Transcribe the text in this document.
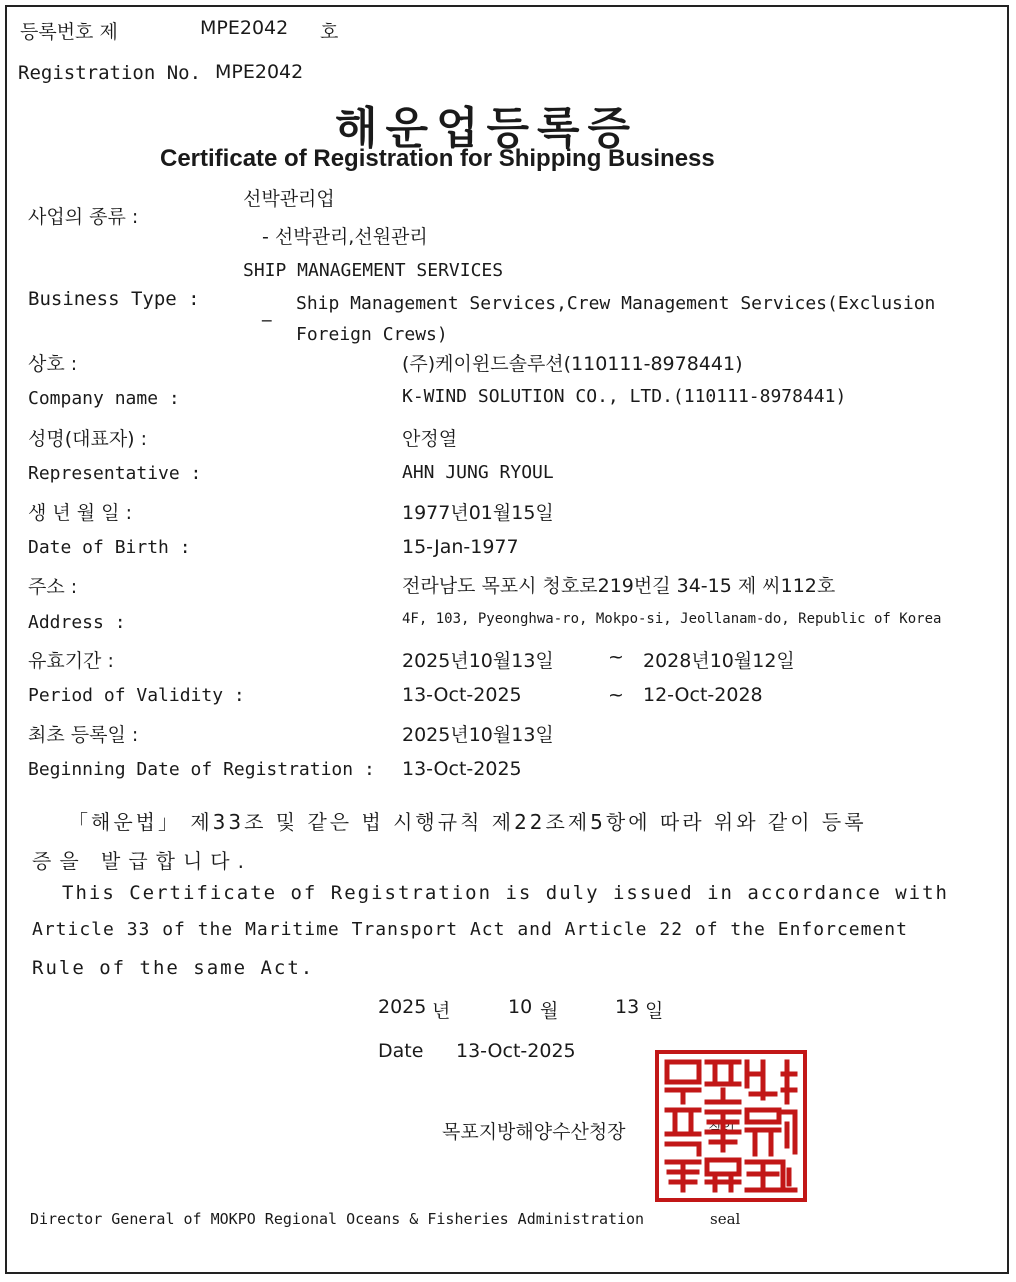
등록번호 제	MPE2042 호
Registration No. MPE2042
해운업등록증
Certificate of Registration for Shipping Business
사업의 종류 :
선박관리업
- 선박관리,선원관리
Business Type :
SHIP MANAGEMENT SERVICES
_ Ship Management Services,Crew Management Services(Exclusion
Foreign Crews)
상호 :	(주)케이윈드솔루션(110111-8978441)
Company name :	K-WIND SOLUTION CO., LTD.(110111-8978441)
성명(대표자) :	안정열
Representative :	AHN JUNG RYOUL
생 년 월 일 :	1977년01월15일
Date of Birth :	15-Jan-1977
주소 :	전라남도 목포시 청호로219번길 34-15 제 씨112호
Address :	4F, 103, Pyeonghwa-ro, Mokpo-si, Jeollanam-do, Republic of Korea
유효기간 :	2025년10월13일	~ 2028년10월12일
Period of Validity :	13-Oct-2025	~ 12-Oct-2028
최초 등록일 :	2025년10월13일
Beginning Date of Registration : 13-Oct-2025
「해운법」 제33조 및 같은 법 시행규칙 제22조제5항에 따라 위와 같이 등록
증을 발급합니다.
This Certificate of Registration is duly issued in accordance with
Article 33 of the Maritime Transport Act and Article 22 of the Enforcement
Rule of the same Act.
2025 년	10 월	13 일
Date 13-Oct-2025
목포지방해양수산청장	직인
Director General of MOKPO Regional Oceans & Fisheries Administration	seal
